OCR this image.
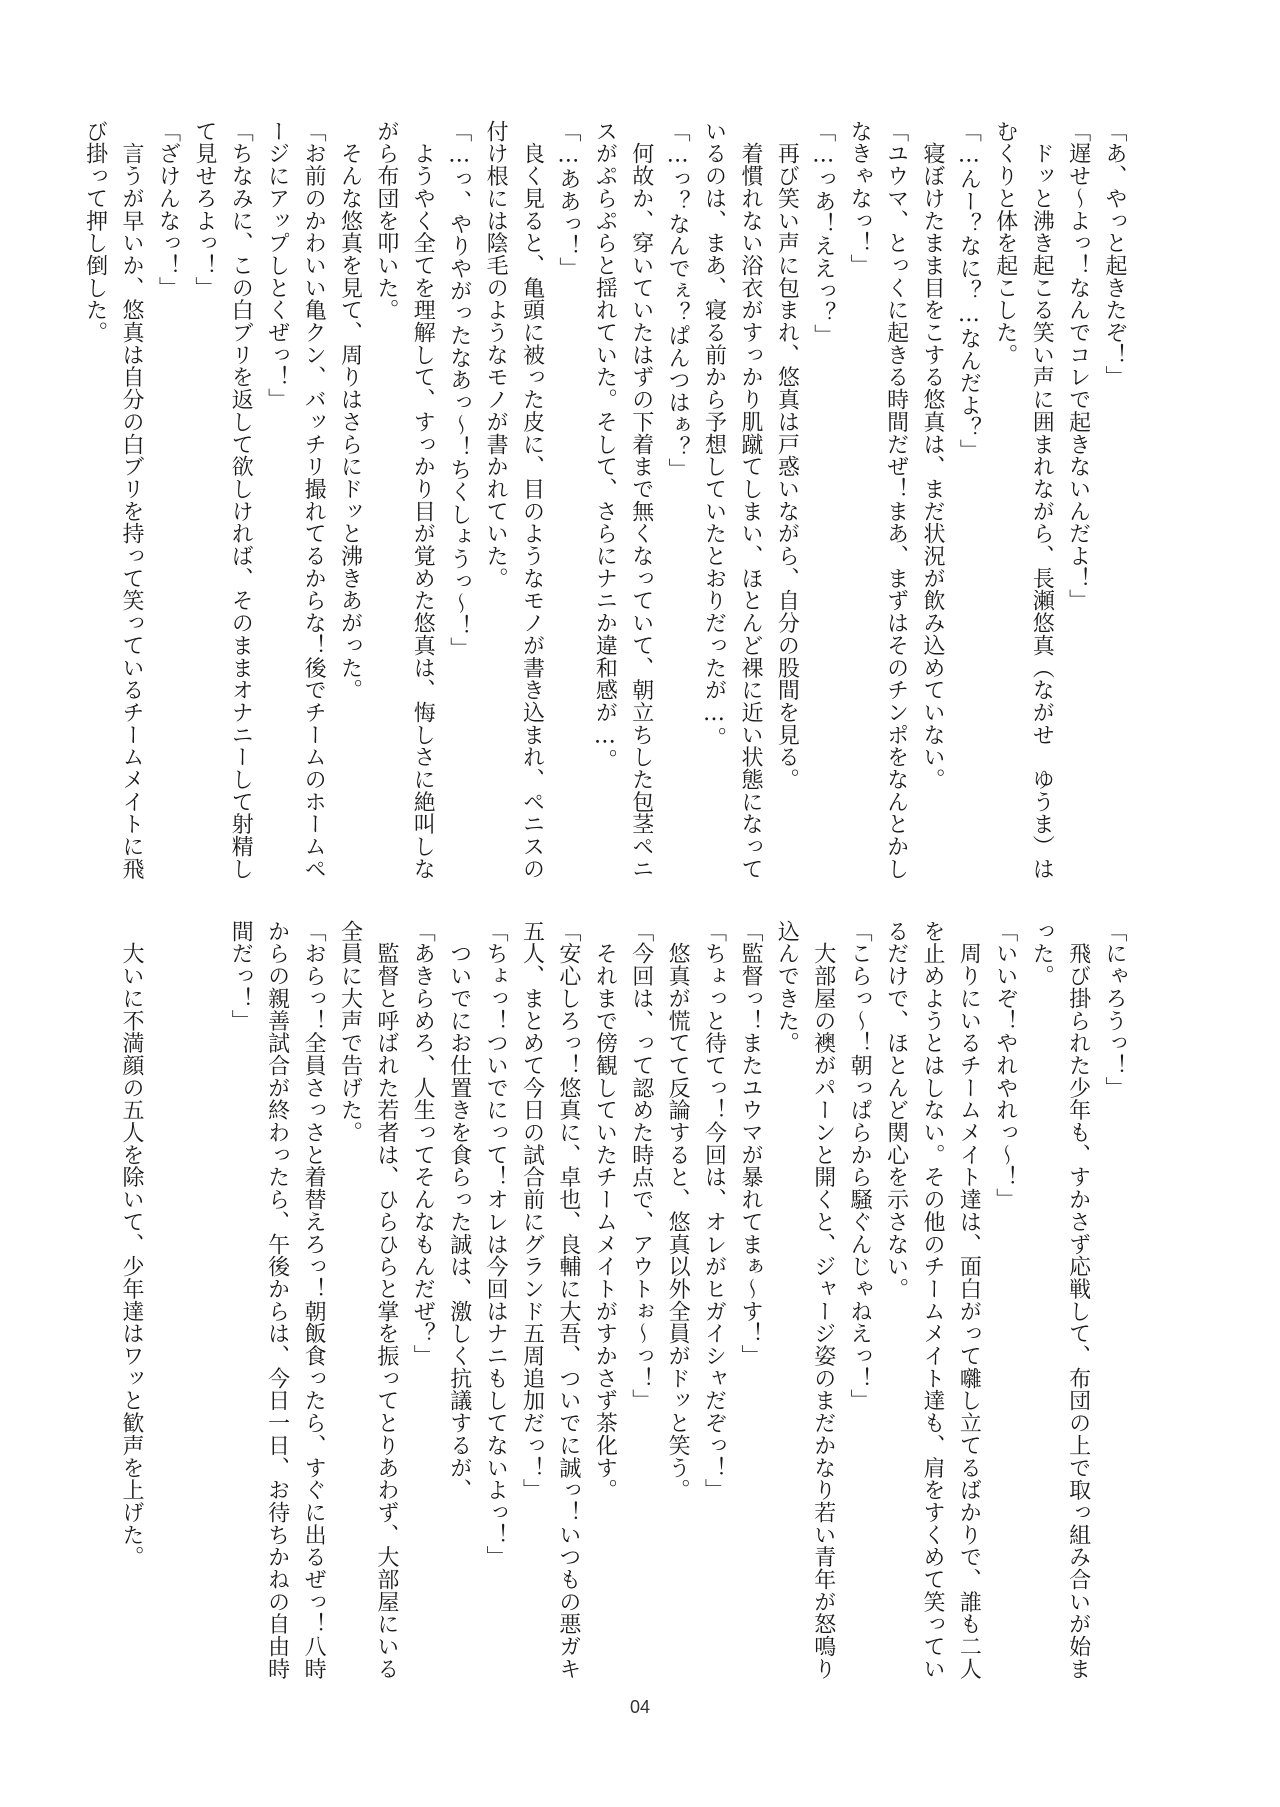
「あ、やっと起きたぞ！」

「遅せ〜よっ！なんでコレで起きないんだよ！」

　ドッと沸き起こる笑い声に囲まれながら、長瀬悠真（ながせ　ゆうま）は

むくりと体を起こした。

「…んー？なに？…なんだよ？」

　寝ぼけたまま目をこする悠真は、まだ状況が飲み込めていない。

「ユウマ、とっくに起きる時間だぜ！まあ、まずはそのチンポをなんとかし

なきゃなっ！」

「…っあ！ええっ？」

　再び笑い声に包まれ、悠真は戸惑いながら、自分の股間を見る。

　着慣れない浴衣がすっかり肌蹴てしまい、ほとんど裸に近い状態になって

いるのは、まあ、寝る前から予想していたとおりだったが…。

「…っ？なんでぇ？ぱんつはぁ？」

　何故か、穿いていたはずの下着まで無くなっていて、朝立ちした包茎ペニ

スがぷらぷらと揺れていた。そして、さらにナニか違和感が…。

「…ああっ！」

　良く見ると、亀頭に被った皮に、目のようなモノが書き込まれ、ペニスの

付け根には陰毛のようなモノが書かれていた。

「…っ、やりやがったなあっ〜！ちくしょうっ〜！」

　ようやく全てを理解して、すっかり目が覚めた悠真は、悔しさに絶叫しな

がら布団を叩いた。

　そんな悠真を見て、周りはさらにドッと沸きあがった。

「お前のかわいい亀クン、バッチリ撮れてるからな！後でチームのホームペ

ージにアップしとくぜっ！」

「ちなみに、この白ブリを返して欲しければ、そのままオナニーして射精し

て見せろよっ！」

「ざけんなっ！」

　言うが早いか、悠真は自分の白ブリを持って笑っているチームメイトに飛

び掛って押し倒した。

「にゃろうっ！」

　飛び掛られた少年も、すかさず応戦して、布団の上で取っ組み合いが始ま

った。

「いいぞ！やれやれっ〜！」

　周りにいるチームメイト達は、面白がって囃し立てるばかりで、誰も二人

を止めようとはしない。その他のチームメイト達も、肩をすくめて笑ってい

るだけで、ほとんど関心を示さない。

「こらっ〜！朝っぱらから騒ぐんじゃねえっ！」

　大部屋の襖がパーンと開くと、ジャージ姿のまだかなり若い青年が怒鳴り

込んできた。

「監督っ！またユウマが暴れてまぁ〜す！」

「ちょっと待てっ！今回は、オレがヒガイシャだぞっ！」

　悠真が慌てて反論すると、悠真以外全員がドッと笑う。

「今回は、って認めた時点で、アウトぉ〜っ！」

　それまで傍観していたチームメイトがすかさず茶化す。

「安心しろっ！悠真に、卓也、良輔に大吾、ついでに誠っ！いつもの悪ガキ

五人、まとめて今日の試合前にグランド五周追加だっ！」

「ちょっ！ついでにって！オレは今回はナニもしてないよっ！」

　ついでにお仕置きを食らった誠は、激しく抗議するが、

「あきらめろ、人生ってそんなもんだぜ？」

　監督と呼ばれた若者は、ひらひらと掌を振ってとりあわず、大部屋にいる

全員に大声で告げた。

「おらっ！全員さっさと着替えろっ！朝飯食ったら、すぐに出るぜっ！八時

からの親善試合が終わったら、午後からは、今日一日、お待ちかねの自由時

間だっ！」

　大いに不満顔の五人を除いて、少年達はワッと歓声を上げた。

04
